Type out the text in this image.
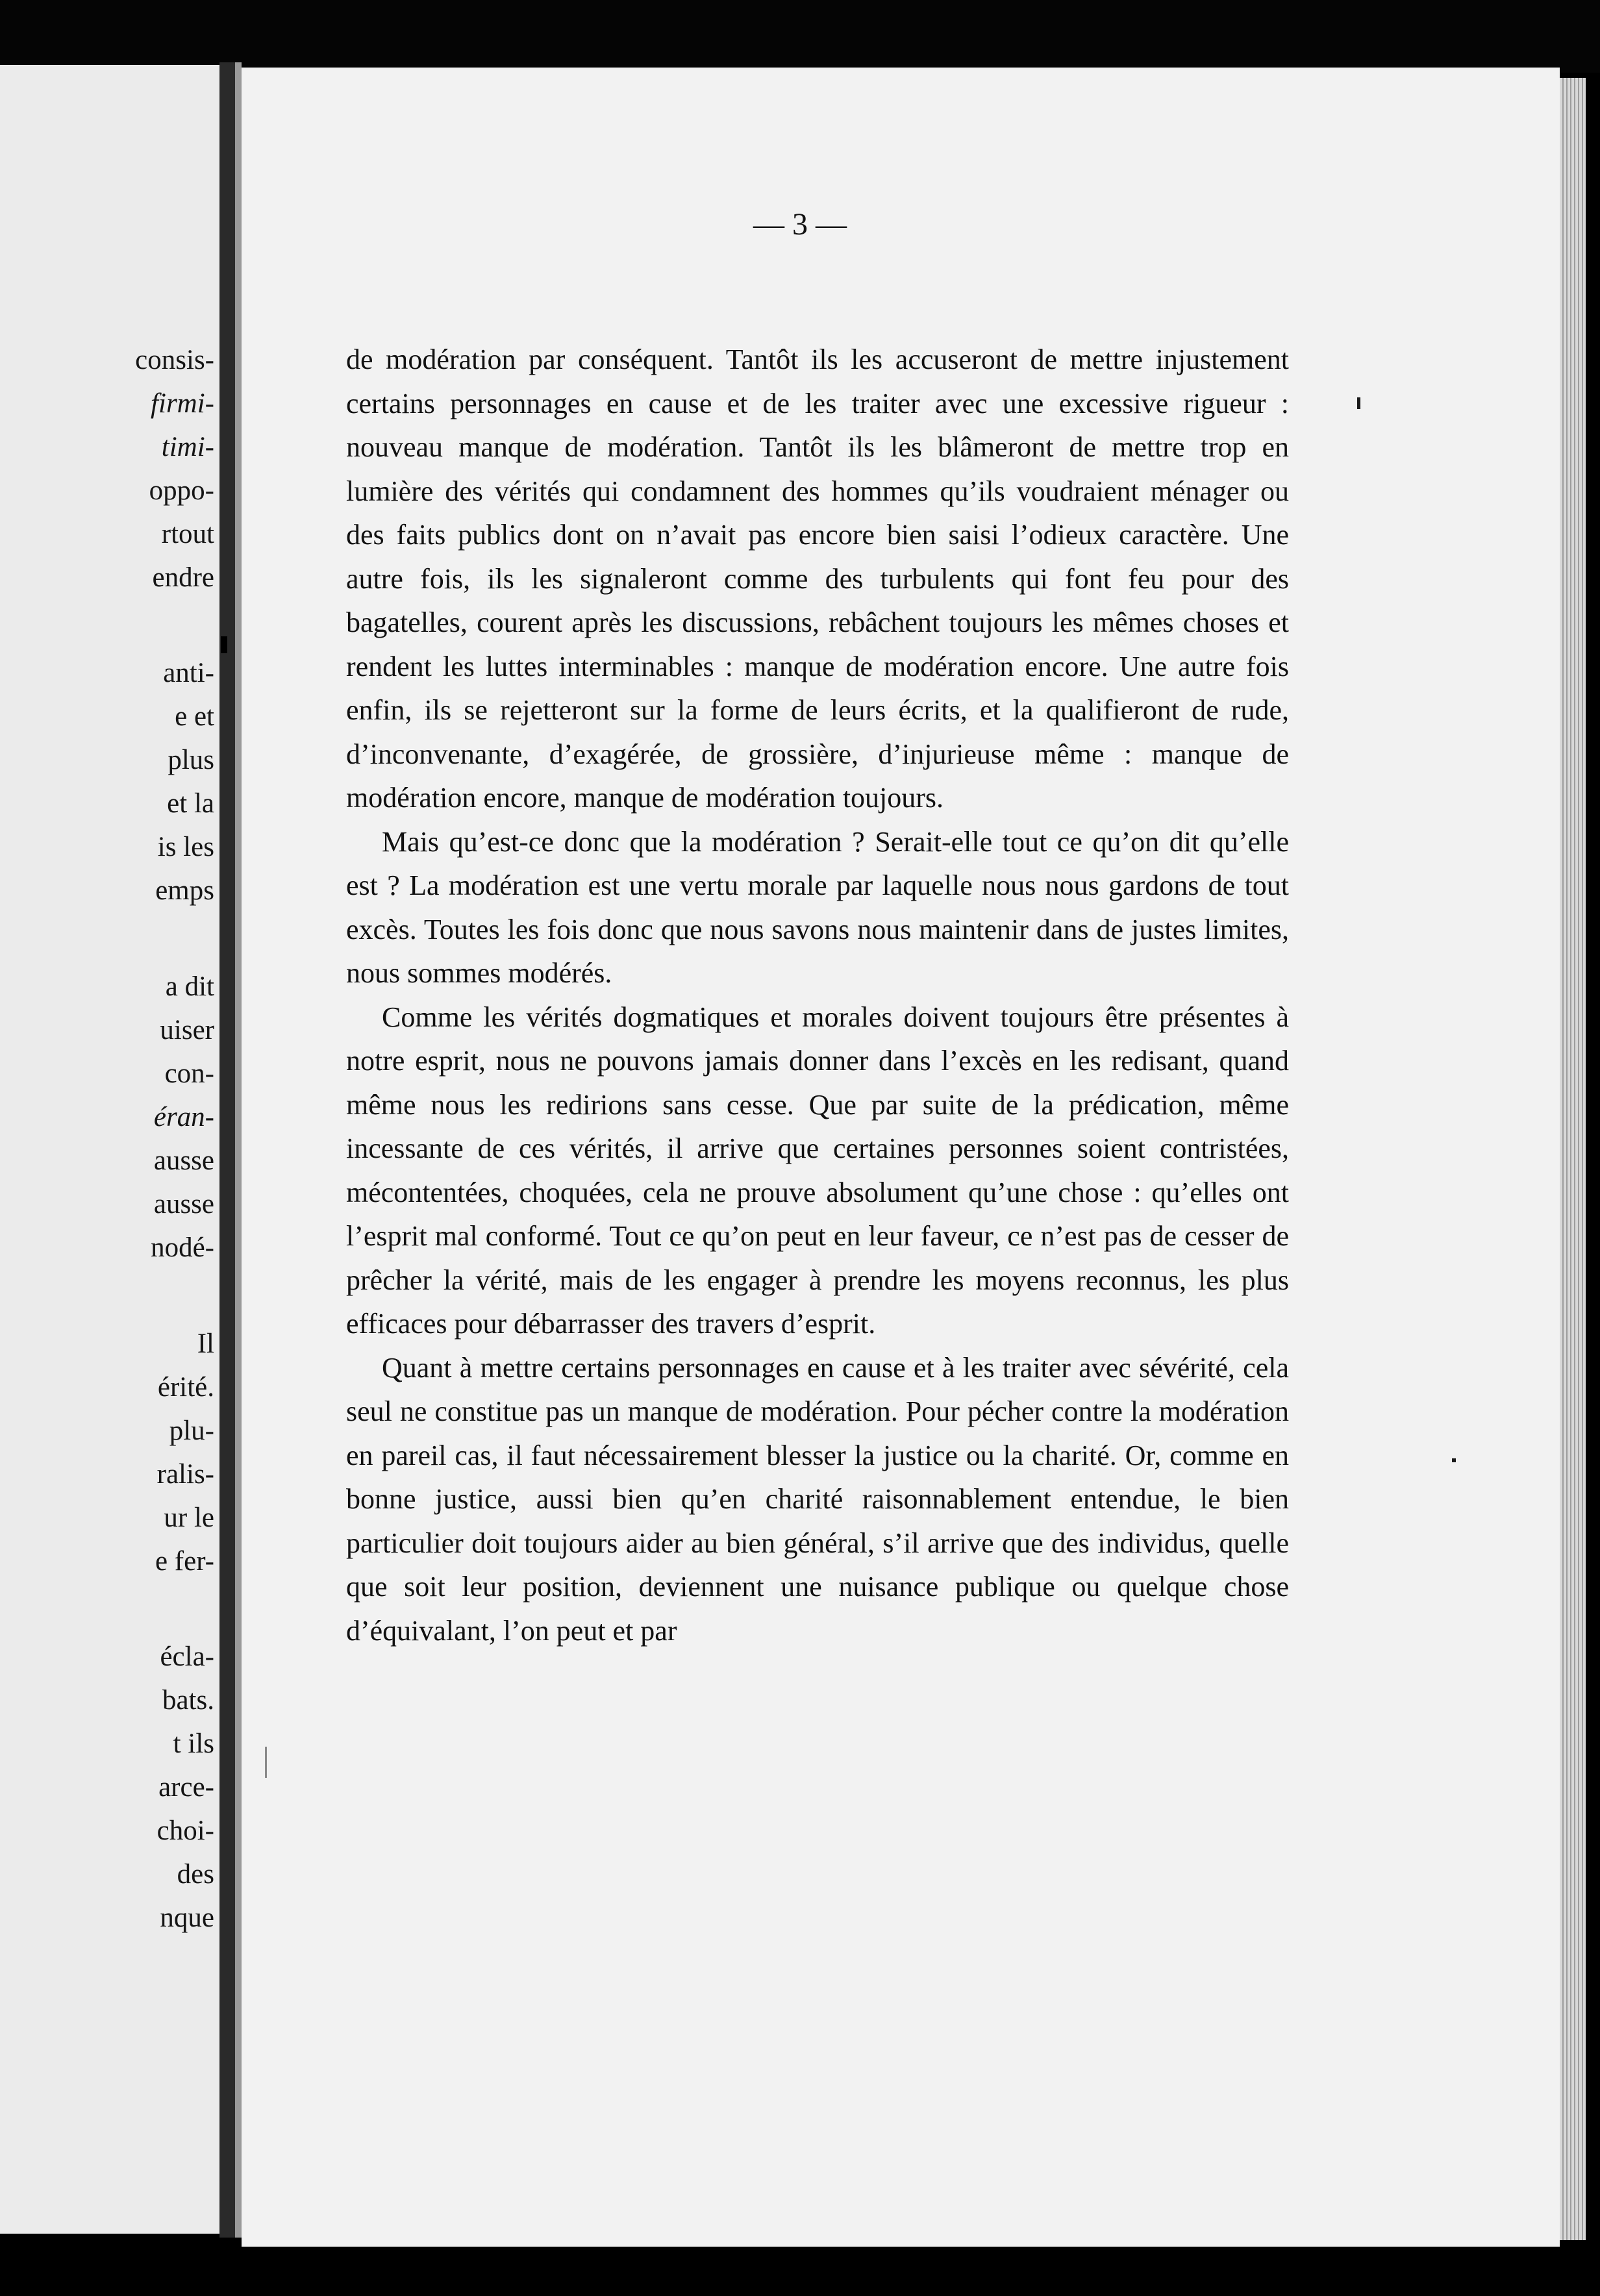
consis-
firmi-
timi-
oppo-
rtout
endre
anti-
e et
plus
et la
is les
emps
a dit
uiser
con-
éran-
ausse
ausse
nodé-
Il
érité.
plu-
ralis-
ur le
e fer-
écla-
bats.
t ils
arce-
choi-
des
nque
— 3 —

de modération par conséquent. Tantôt ils les accuseront de mettre injustement certains personnages en cause et de les traiter avec une excessive rigueur : nouveau manque de modération. Tantôt ils les blâmeront de mettre trop en lumière des vérités qui condamnent des hommes qu’ils voudraient ménager ou des faits publics dont on n’avait pas encore bien saisi l’odieux caractère. Une autre fois, ils les signaleront comme des turbulents qui font feu pour des bagatelles, courent après les discussions, rebâchent toujours les mêmes choses et rendent les luttes interminables : manque de modération encore. Une autre fois enfin, ils se rejetteront sur la forme de leurs écrits, et la qualifieront de rude, d’inconvenante, d’exagérée, de grossière, d’injurieuse même : manque de modération encore, manque de modération toujours.

Mais qu’est-ce donc que la modération ? Serait-elle tout ce qu’on dit qu’elle est ? La modération est une vertu morale par laquelle nous nous gardons de tout excès. Toutes les fois donc que nous savons nous maintenir dans de justes limites, nous sommes modérés.

Comme les vérités dogmatiques et morales doivent toujours être présentes à notre esprit, nous ne pouvons jamais donner dans l’excès en les redisant, quand même nous les redirions sans cesse. Que par suite de la prédication, même incessante de ces vérités, il arrive que certaines personnes soient contristées, mécontentées, choquées, cela ne prouve absolument qu’une chose : qu’elles ont l’esprit mal conformé. Tout ce qu’on peut en leur faveur, ce n’est pas de cesser de prêcher la vérité, mais de les engager à prendre les moyens reconnus, les plus efficaces pour débarrasser des travers d’esprit.

Quant à mettre certains personnages en cause et à les traiter avec sévérité, cela seul ne constitue pas un manque de modération. Pour pécher contre la modération en pareil cas, il faut nécessairement blesser la justice ou la charité. Or, comme en bonne justice, aussi bien qu’en charité raisonnablement entendue, le bien particulier doit toujours aider au bien général, s’il arrive que des individus, quelle que soit leur position, deviennent une nuisance publique ou quelque chose d’équivalant, l’on peut et par
